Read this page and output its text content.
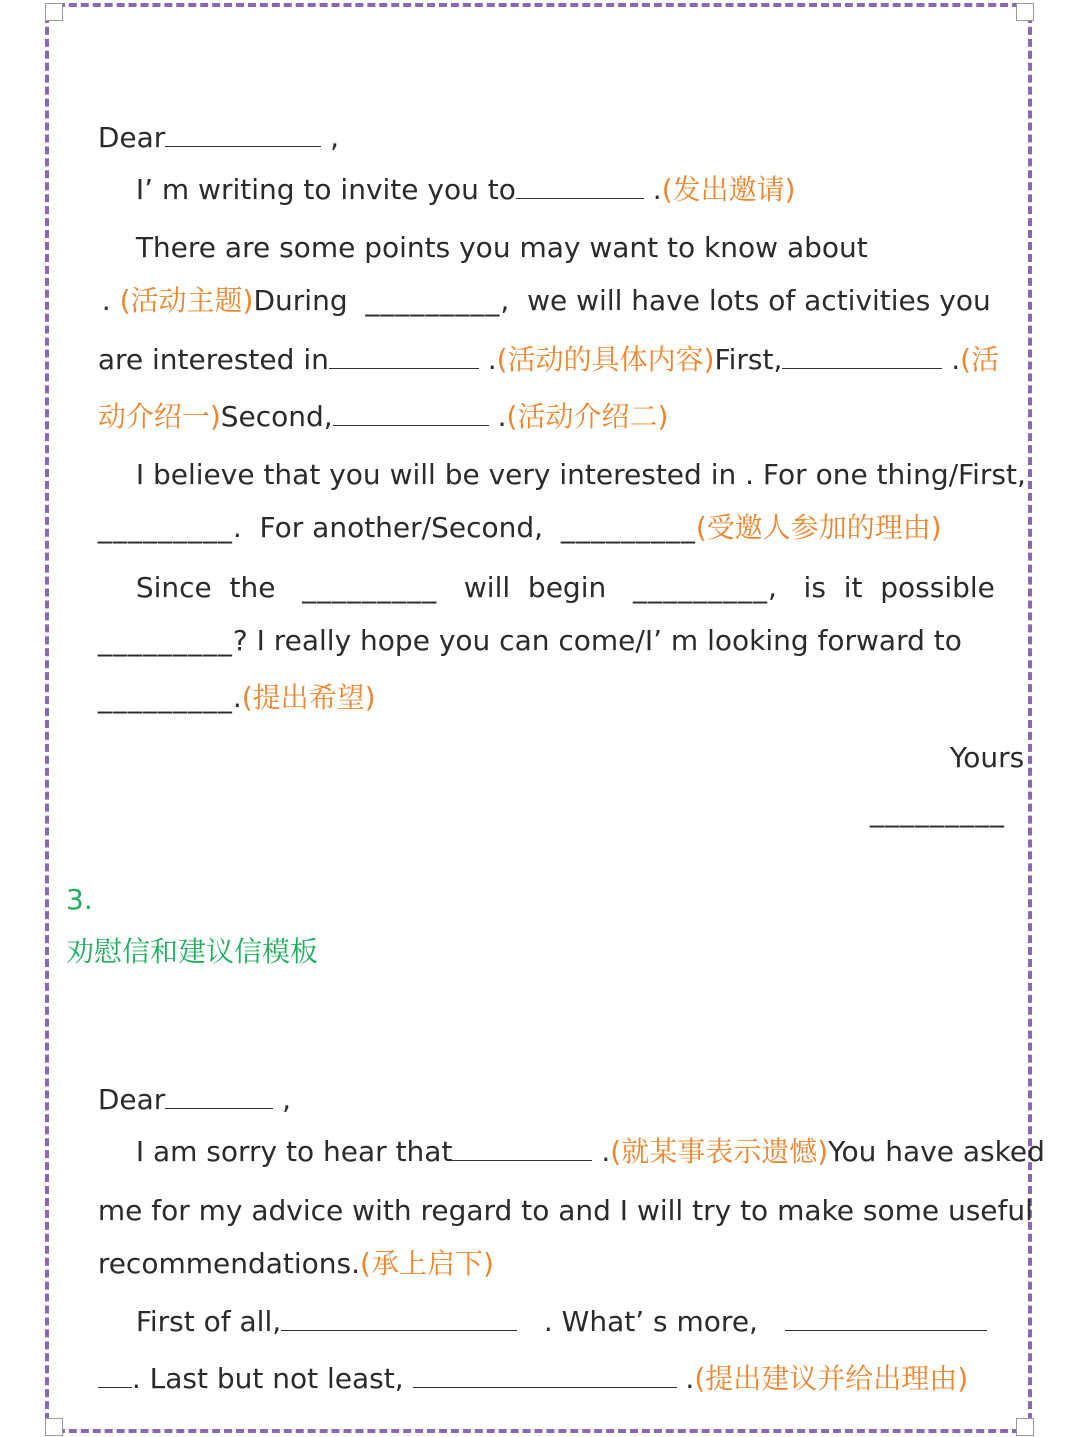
Dear	,

I’ m writing to invite you to	.(发出邀请)

There are some points you may want to know about

. (活动主题)During _________,  we will have lots of activities you

are interested in	.(活动的具体内容)First,	.(活

动介绍一)Second,	.(活动介绍二)

I believe that you will be very interested in . For one thing/First,

_________.  For another/Second, _________(受邀人参加的理由)

Since  the _________ will  begin _________,   is  it  possible

_________? I really hope you can come/I’ m looking forward to

_________.(提出希望)

Yours

_________

3.
劝慰信和建议信模板

Dear	,

I am sorry to hear that	.(就某事表示遗憾)You have asked

me for my advice with regard to and I will try to make some useful

recommendations.(承上启下)

First of all,	. What’ s more,

. Last but not least,	.(提出建议并给出理由)
